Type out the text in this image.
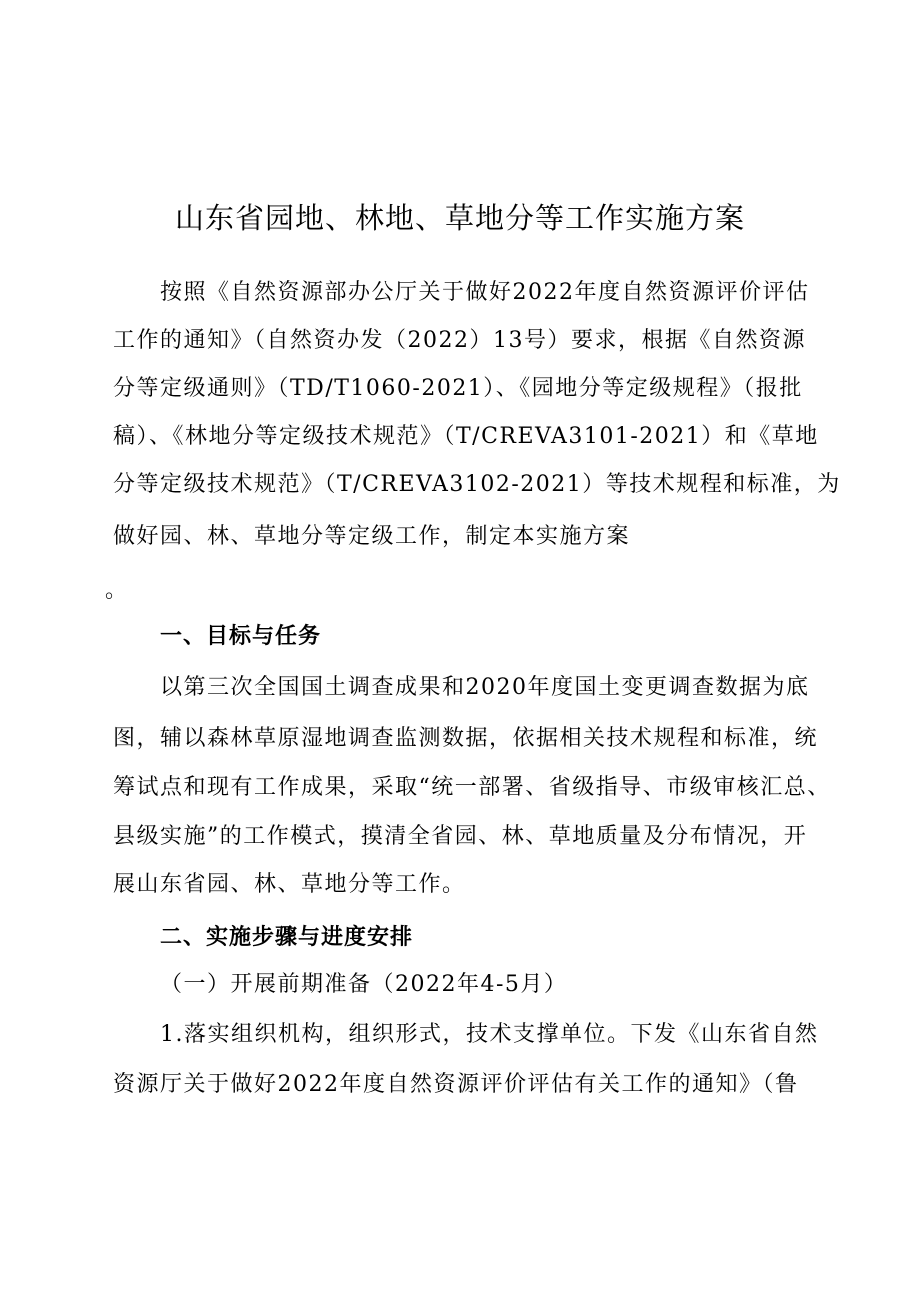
山东省园地、林地、草地分等工作实施方案
按照《自然资源部办公厅关于做好2022年度自然资源评价评估
工作的通知》（自然资办发（2022）13号）要求，根据《自然资源
分等定级通则》（TD/T1060-2021）、《园地分等定级规程》（报批
稿）、《林地分等定级技术规范》（T/CREVA3101-2021）和《草地
分等定级技术规范》（T/CREVA3102-2021）等技术规程和标准，为
做好园、林、草地分等定级工作，制定本实施方案
。
一、目标与任务
以第三次全国国土调查成果和2020年度国土变更调查数据为底
图，辅以森林草原湿地调查监测数据，依据相关技术规程和标准，统
筹试点和现有工作成果，采取“统一部署、省级指导、市级审核汇总、
县级实施”的工作模式，摸清全省园、林、草地质量及分布情况，开
展山东省园、林、草地分等工作。
二、实施步骤与进度安排
（一）开展前期准备（2022年4-5月）
1.落实组织机构，组织形式，技术支撑单位。下发《山东省自然
资源厅关于做好2022年度自然资源评价评估有关工作的通知》（鲁
